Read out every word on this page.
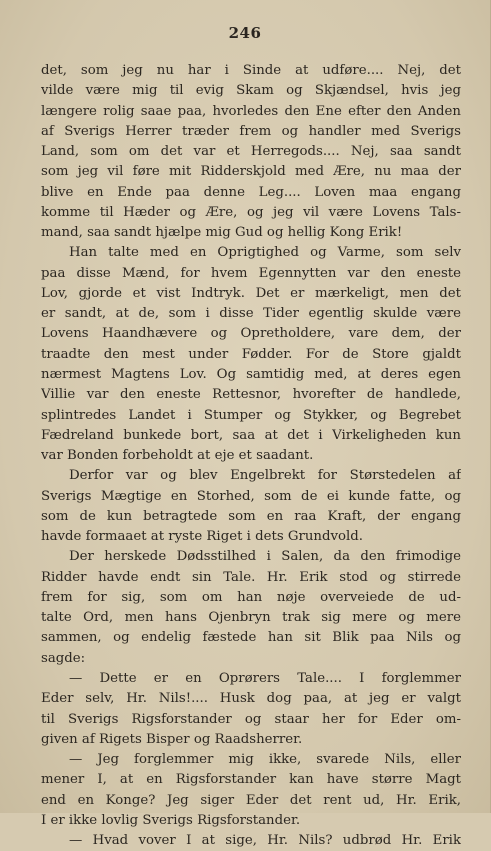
246
det, som jeg nu har i Sinde at udføre.... Nej, det
vilde være mig til evig Skam og Skjændsel, hvis jeg
længere rolig saae paa, hvorledes den Ene efter den Anden
af Sverigs Herrer træder frem og handler med Sverigs
Land, som om det var et Herregods.... Nej, saa sandt
som jeg vil føre mit Ridderskjold med Ære, nu maa der
blive en Ende paa denne Leg.... Loven maa engang
komme til Hæder og Ære, og jeg vil være Lovens Tals-
mand, saa sandt hjælpe mig Gud og hellig Kong Erik!
Han talte med en Oprigtighed og Varme, som selv
paa disse Mænd, for hvem Egennytten var den eneste
Lov, gjorde et vist Indtryk. Det er mærkeligt, men det
er sandt, at de, som i disse Tider egentlig skulde være
Lovens Haandhævere og Opretholdere, vare dem, der
traadte den mest under Fødder. For de Store gjaldt
nærmest Magtens Lov. Og samtidig med, at deres egen
Villie var den eneste Rettesnor, hvorefter de handlede,
splintredes Landet i Stumper og Stykker, og Begrebet
Fædreland bunkede bort, saa at det i Virkeligheden kun
var Bonden forbeholdt at eje et saadant.
Derfor var og blev Engelbrekt for Størstedelen af
Sverigs Mægtige en Storhed, som de ei kunde fatte, og
som de kun betragtede som en raa Kraft, der engang
havde formaaet at ryste Riget i dets Grundvold.
Der herskede Dødsstilhed i Salen, da den frimodige
Ridder havde endt sin Tale. Hr. Erik stod og stirrede
frem for sig, som om han nøje overveiede de ud-
talte Ord, men hans Ojenbryn trak sig mere og mere
sammen, og endelig fæstede han sit Blik paa Nils og
sagde:
— Dette er en Oprørers Tale.... I forglemmer
Eder selv, Hr. Nils!.... Husk dog paa, at jeg er valgt
til Sverigs Rigsforstander og staar her for Eder om-
given af Rigets Bisper og Raadsherrer.
— Jeg forglemmer mig ikke, svarede Nils, eller
mener I, at en Rigsforstander kan have større Magt
end en Konge? Jeg siger Eder det rent ud, Hr. Erik,
I er ikke lovlig Sverigs Rigsforstander.
— Hvad vover I at sige, Hr. Nils? udbrød Hr. Erik
